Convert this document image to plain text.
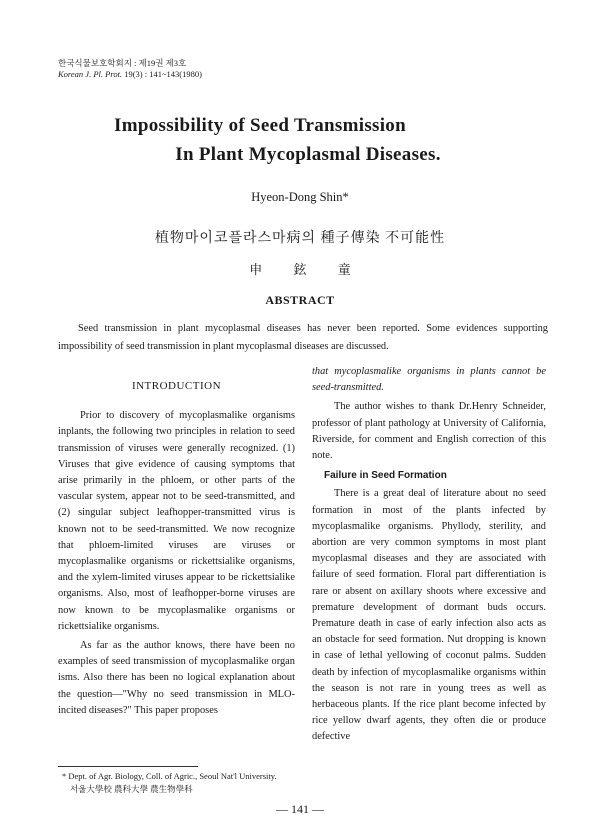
한국식물보호학회지 : 제19권 제3호
Korean J. Pl. Prot. 19(3) : 141~143(1980)
Impossibility of Seed Transmission
In Plant Mycoplasmal Diseases.
Hyeon-Dong Shin*
植物마이코플라스마病의 種子傳染 不可能性
申 鉉 童
ABSTRACT
Seed transmission in plant mycoplasmal diseases has never been reported. Some evidences supporting impossibility of seed transmission in plant mycoplasmal diseases are discussed.
INTRODUCTION

Prior to discovery of mycoplasmalike organisms inplants, the following two principles in relation to seed transmission of viruses were generally recognized. (1) Viruses that give evidence of causing symptoms that arise primarily in the phloem, or other parts of the vascular system, appear not to be seed-transmitted, and (2) singular subject leafhopper-transmitted virus is known not to be seed-transmitted. We now recognize that phloem-limited viruses are viruses or mycoplasmalike organisms or rickettsialike organisms, and the xylem-limited viruses appear to be rickettsialike organisms. Also, most of leafhopper-borne viruses are now known to be mycoplasmalike organisms or rickettsialike organisms.

As far as the author knows, there have been no examples of seed transmission of mycoplasmalike organ isms. Also there has been no logical explanation about the question—"Why no seed transmission in MLO-incited diseases?" This paper proposes

that mycoplasmalike organisms in plants cannot be seed-transmitted.

The author wishes to thank Dr.Henry Schneider, professor of plant pathology at University of California, Riverside, for comment and English correction of this note.

Failure in Seed Formation

There is a great deal of literature about no seed formation in most of the plants infected by mycoplasmalike organisms. Phyllody, sterility, and abortion are very common symptoms in most plant mycoplasmal diseases and they are associated with failure of seed formation. Floral part differentiation is rare or absent on axillary shoots where excessive and premature development of dormant buds occurs. Premature death in case of early infection also acts as an obstacle for seed formation. Nut dropping is known in case of lethal yellowing of coconut palms. Sudden death by infection of mycoplasmalike organisms within the season is not rare in young trees as well as herbaceous plants. If the rice plant become infected by rice yellow dwarf agents, they often die or produce defective

* Dept. of Agr. Biology, Coll. of Agric., Seoul Nat'l University.
서울大學校 農科大學 農生物學科
— 141 —
